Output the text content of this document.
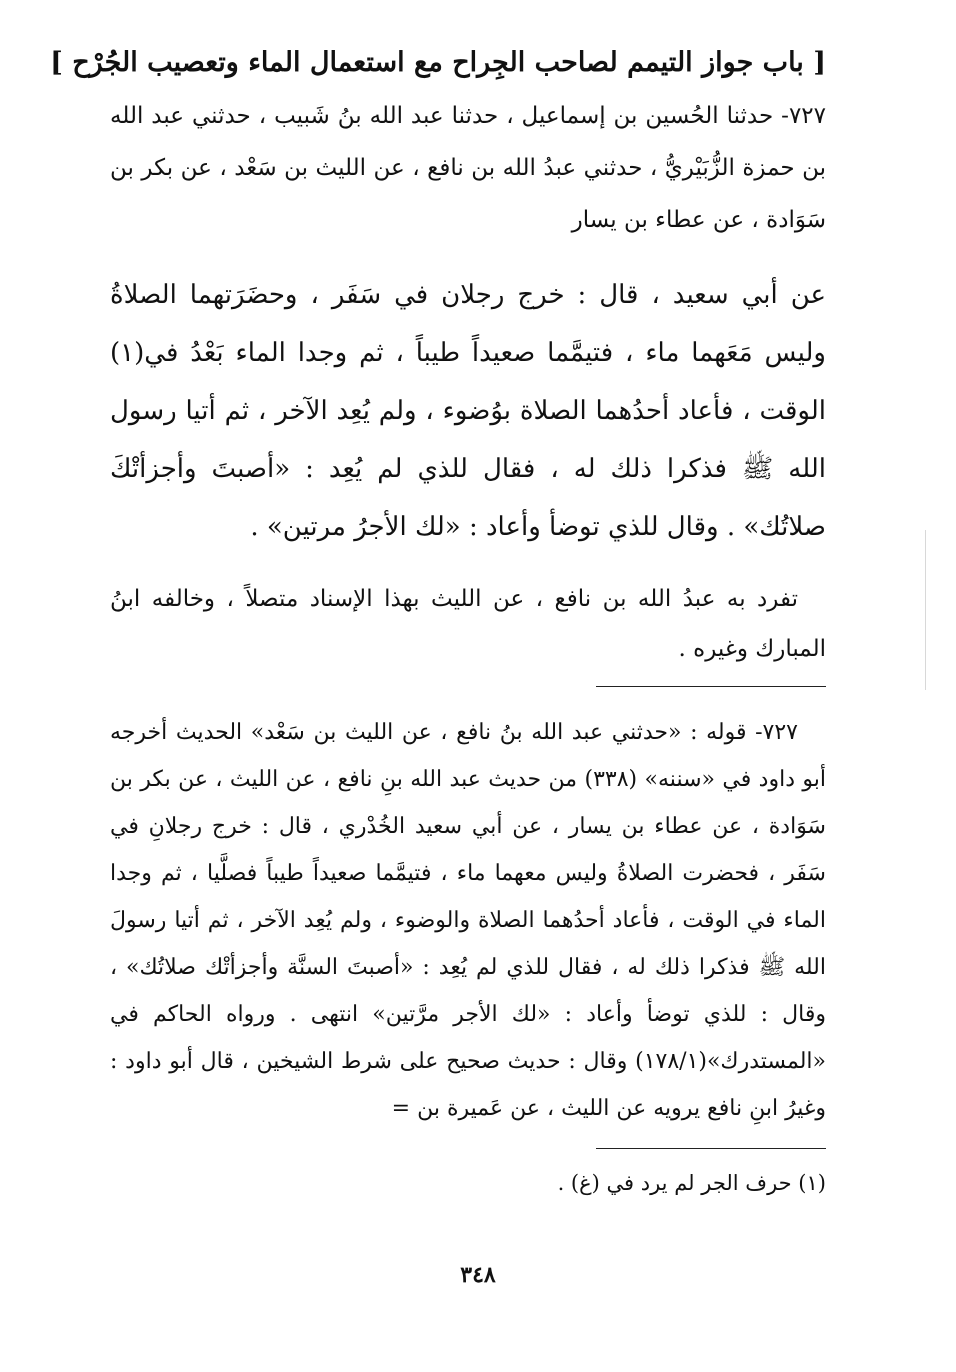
[ باب جواز التيمم لصاحب الجِراح مع استعمال الماء وتعصيب الجُرْح ]

٧٢٧- حدثنا الحُسين بن إسماعيل ، حدثنا عبد الله بنُ شَبيب ، حدثني عبد الله بن حمزة الزُّبَيْريُّ ، حدثني عبدُ الله بن نافع ، عن الليث بن سَعْد ، عن بكر بن سَوَادة ، عن عطاء بن يسار

عن أبي سعيد ، قال : خرج رجلان في سَفَر ، وحضَرَتهما الصلاةُ وليس مَعَهما ماء ، فتيمَّما صعيداً طيباً ، ثم وجدا الماء بَعْدُ في(١) الوقت ، فأعاد أحدُهما الصلاة بوُضوء ، ولم يُعِد الآخر ، ثم أتيا رسول الله ﷺ فذكرا ذلك له ، فقال للذي لم يُعِد : «أصبتَ وأجزأتْكَ صلاتُك» . وقال للذي توضأ وأعاد : «لك الأجرُ مرتين» .

تفرد به عبدُ الله بن نافع ، عن الليث بهذا الإسناد متصلاً ، وخالفه ابنُ المبارك وغيره .

٧٢٧- قوله : «حدثني عبد الله بنُ نافع ، عن الليث بن سَعْد» الحديث أخرجه أبو داود في «سننه» (٣٣٨) من حديث عبد الله بنِ نافع ، عن الليث ، عن بكر بن سَوَادة ، عن عطاء بن يسار ، عن أبي سعيد الخُدْري ، قال : خرج رجلانِ في سَفَر ، فحضرت الصلاةُ وليس معهما ماء ، فتيمَّما صعيداً طيباً فصلَّيا ، ثم وجدا الماء في الوقت ، فأعاد أحدُهما الصلاة والوضوء ، ولم يُعِد الآخر ، ثم أتيا رسولَ الله ﷺ فذكرا ذلك له ، فقال للذي لم يُعِد : «أصبتَ السنَّة وأجزأتْك صلاتُك» ، وقال : للذي توضأ وأعاد : «لك الأجر مرَّتين» انتهى . ورواه الحاكم في «المستدرك»(١٧٨/١) وقال : حديث صحيح على شرط الشيخين ، قال أبو داود : وغيرُ ابنِ نافع يرويه عن الليث ، عن عَميرة بن =

(١) حرف الجر لم يرد في (غ) .

٣٤٨
